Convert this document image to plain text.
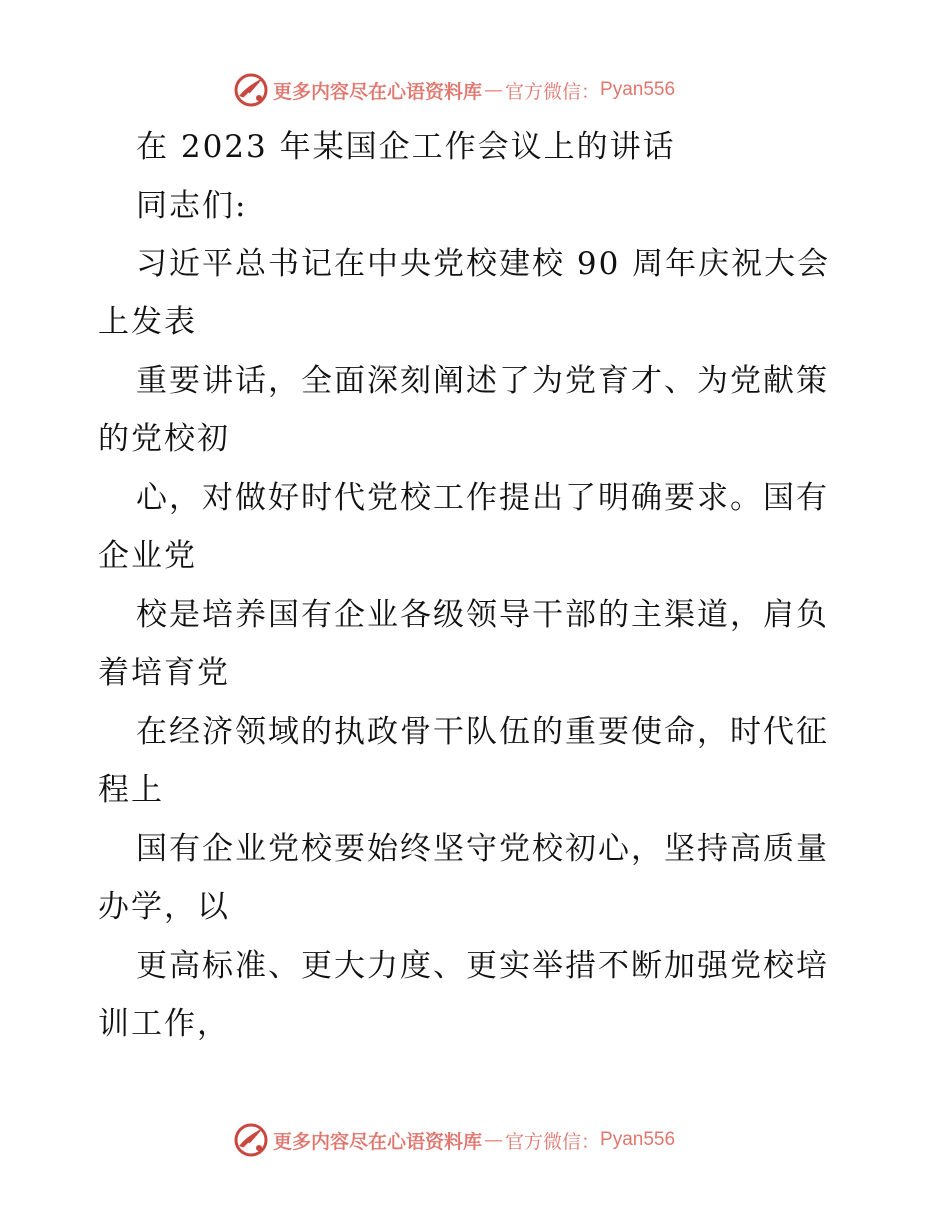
更多内容尽在心语资料库 — 官方微信： Pyan556
在 2023 年某国企工作会议上的讲话
同志们:
习近平总书记在中央党校建校 90 周年庆祝大会
上发表
重要讲话，全面深刻阐述了为党育才、为党献策
的党校初
心，对做好时代党校工作提出了明确要求。国有
企业党
校是培养国有企业各级领导干部的主渠道，肩负
着培育党
在经济领域的执政骨干队伍的重要使命，时代征
程上
国有企业党校要始终坚守党校初心，坚持高质量
办学，以
更高标准、更大力度、更实举措不断加强党校培
训工作，
更多内容尽在心语资料库 — 官方微信： Pyan556
